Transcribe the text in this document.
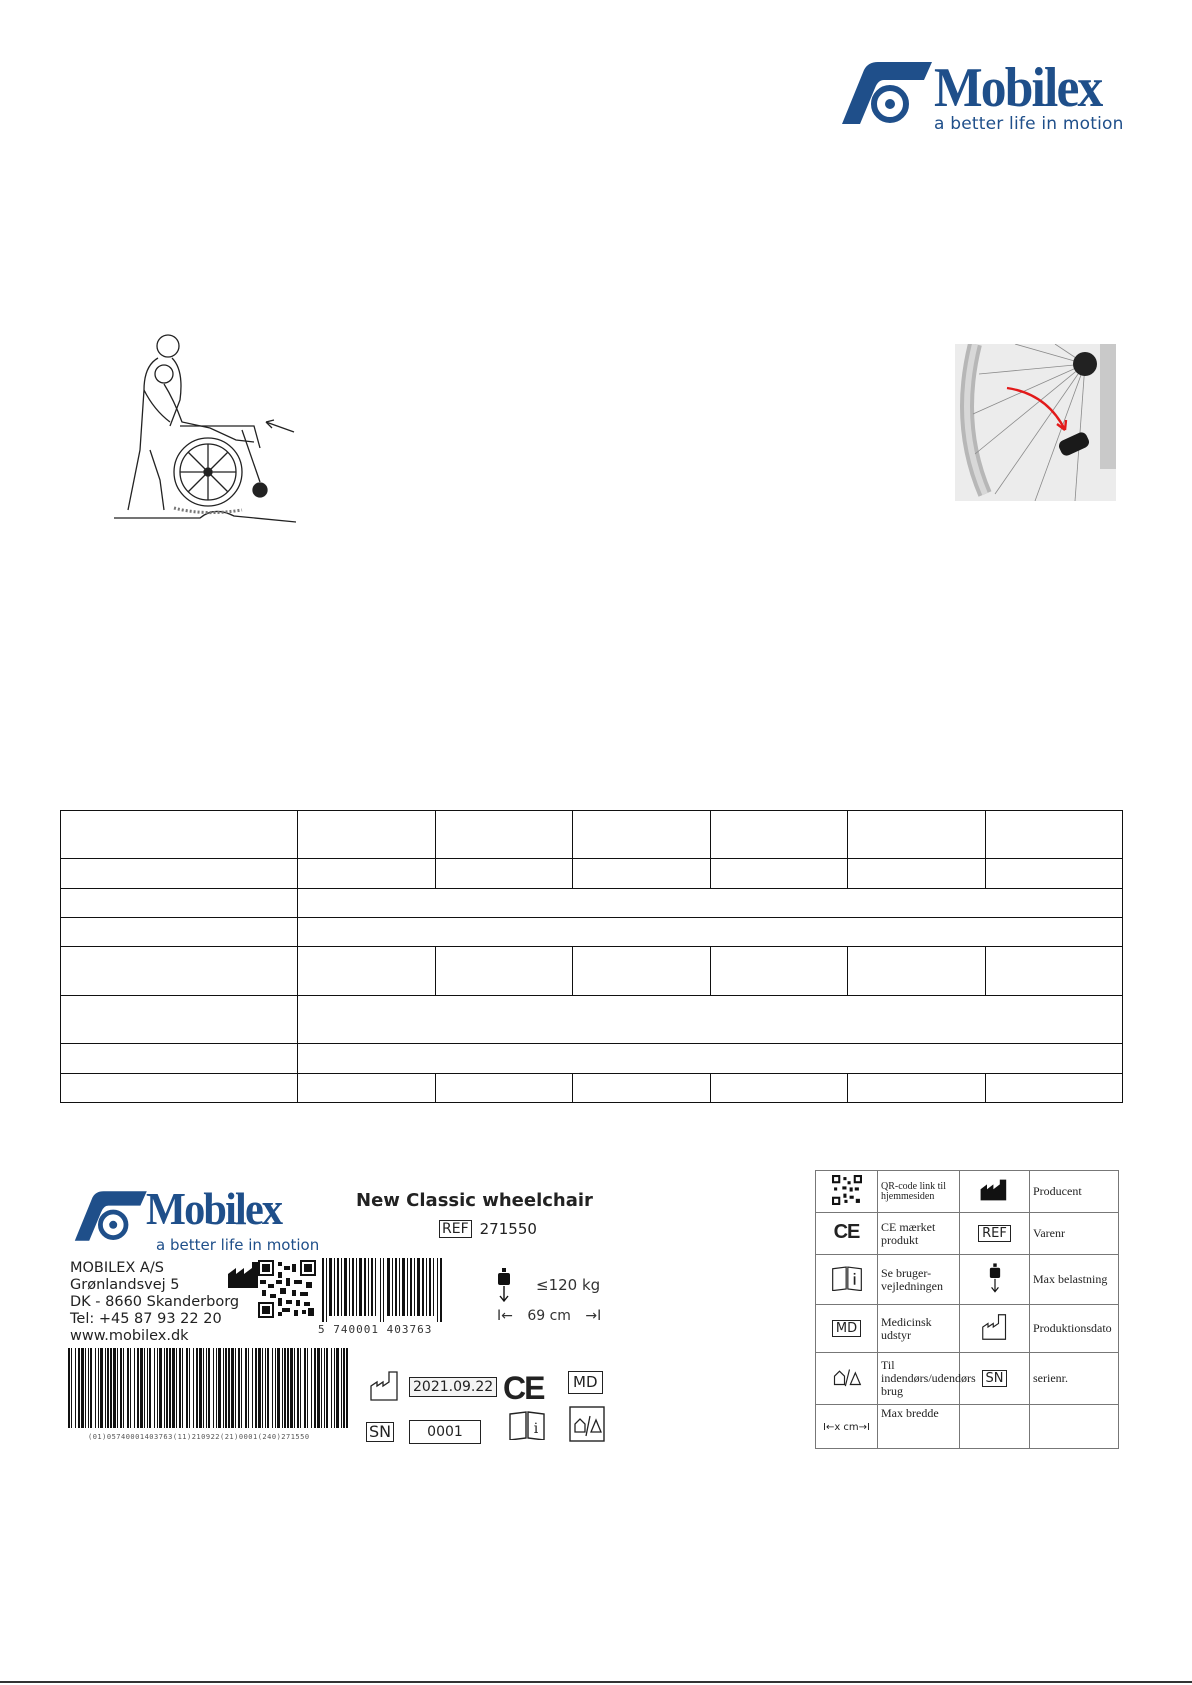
Mobilex
a better life in motion

Mobilex
a better life in motion
New Classic wheelchair
REF 271550
MOBILEX A/S
Grønlandsvej 5
DK - 8660 Skanderborg
Tel: +45 87 93 22 20
www.mobilex.dk	5 740001 403763
≤120 kg
I← 69 cm →I
(01)05740001403763(11)210922(21)0001(240)271550
2021.09.22 CE	MD
SN	0001	i
	QR-code link til hjemmesiden		Producent
CE	CE mærket produkt	REF	Varenr
	Se bruger-vejledningen		Max belastning
MD	Medicinsk udstyr		Produktionsdato
	Til indendørs/udendørs brug	SN	serienr.
I←x cm→I	Max bredde		
